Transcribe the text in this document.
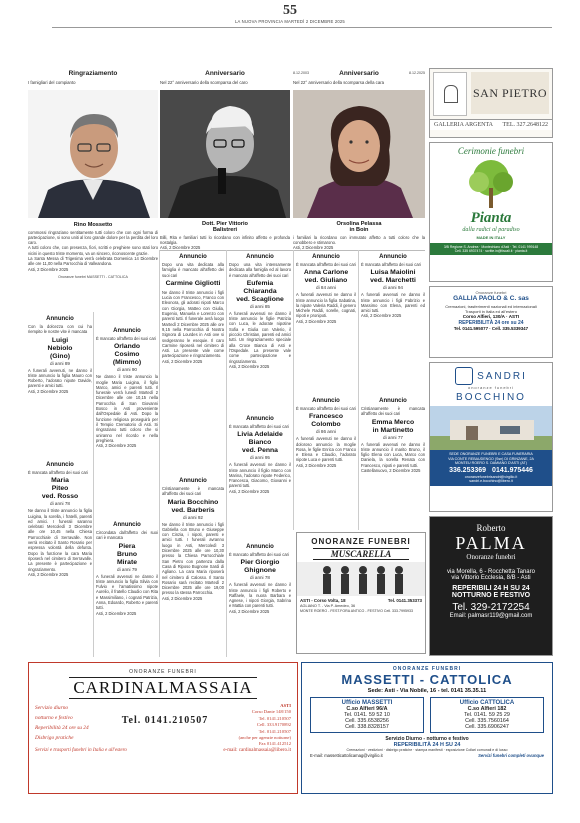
55
LA NUOVA PROVINCIA MARTEDÌ 2 DICEMBRE 2025
Ringraziamento
I famigliari del compianto
Rino Mossetto
commossi ringraziano sentitamente tutti coloro che con ogni forma di partecipazione, si sono uniti al loro grande dolore per la perdita del loro caro.
A tutti coloro che, con presenza, fiori, scritti e preghiere sono stati loro vicini in questo triste momento, va un sincero, riconoscente grazie.
La Santa Messa di Trigesima verrà celebrata Domenica 14 Dicembre alle ore 11,00 nella Parrocchia di Valleandona.
Asti, 2 Dicembre 2025
Onoranze funebri MASSETTI - CATTOLICA
Anniversario
Nel 22° anniversario della scomparsa del caro
Dott. Pier Vittorio
Balistreri
Billi, Rita e familiari tutti lo ricordano con infinito affetto e profonda nostalgia.
Asti, 2 Dicembre 2025
8.12.2003	Anniversario	8.12.2025
Nel 22° anniversario della scomparsa della cara
Orsolina Pelassa
in Boin
i familiari la ricordano con immutato affetto a tutti coloro che la conobbero e stimarono.
Asti, 2 Dicembre 2025
Annuncio
Con la dolcezza con cui ha riempito le nostre vite è mancata
Luigi
Nebiolo
(Gino)
di anni 89
A funerali avvenuti, ne danno il triste annuncio la figlia Mauro con Roberto, l'adorato nipote Davide, parenti e amici tutti.
Asti, 2 Dicembre 2025
Annuncio
È mancata all'affetto dei suoi cari
Maria
Piteo
ved. Rosso
di anni 78
Ne danno il triste annuncio la figlia Luigina, la sorella, i fratelli, parenti ed amici. I funerali saranno celebrati Mercoledì 3 Dicembre alle ore 10,45 nella Chiesa Parrocchiale di Serravalle. Non verrà recitato il Santo Rosario per espressa volontà della defunta. Dopo la funzione la cara Maria riposerà nel cimitero di Serravalle. La presente è partecipazione e ringraziamento.
Asti, 2 Dicembre 2025
Annuncio
È mancato all'affetto dei suoi cari
Orlando
Cosimo
(Mimmo)
di anni 90
Ne danno il triste annuncio la moglie Maria Luigina, il figlio Marco, amici e parenti tutti. Il funerale verrà lunedì Martedì 2 Dicembre alle ore 10,15 nella Parrocchia di San Giovanni Bosco in Asti proveniente dall'Ospedale di Asti. Dopo la funzione religiosa proseguirà per il Tempio Crematorio di Asti. Si ringraziano tutti coloro che si uniranno nel ricordo e nella preghiera.
Asti, 2 Dicembre 2025
Annuncio
Circondata dall'affetto dei suoi cari è mancata
Piera
Bruno
Mirate
di anni 79
A funerali avvenuti ne danno il triste annuncio la figlia Silvia con Fulvio e l'amatissimo nipote Aurelio, il fratello Claudio con Rita e Massimiliano, i cognati Patrizia, Anna, Edoardo, Roberto e parenti tutti.
Asti, 2 Dicembre 2025
Annuncio
Dopo una vita dedicata alla famiglia è mancato all'affetto dei suoi cari
Carmine Gigliotti
Ne danno il triste annuncio i figli Lucia con Francesco, Franco con Eleonora, gli adorati nipoti Marco con Giorgia, Matteo con Giulia, Eugenio, Manuela e Lorenzo con parenti tutti. Il funerale avrà luogo Martedì 2 Dicembre 2025 alle ore 9,15 nella Parrocchia di Nostra Signora di Lourdes in Asti ove si svolgeranno le esequie. Il caro Carmine riposerà nel cimitero di Asti. La presente vale come partecipazione e ringraziamento.
Asti, 2 Dicembre 2025
Annuncio
Cristianamente è mancata all'affetto dei suoi cari
Maria Bocchino
ved. Barberis
di anni 92
Ne danno il triste annuncio i figli Gabriella con Bruno e Giuseppe con Cinzia, i nipoti, parenti e amici tutti. I funerali avranno luogo in Asti, Mercoledì 3 Dicembre 2025 alle ore 10,30 presso la Chiesa Parrocchiale San Pietro con partenza dalla Casa di Riposo Bugnone Sardi di Agliano. La cara Maria riposerà nel cimitero di Calosso. Il Santo Rosario sarà recitato Martedì 2 Dicembre 2025 alle ore 19,00 presso la stessa Parrocchia.
Asti, 2 Dicembre 2025
Annuncio
Dopo una vita intensamente dedicata alla famiglia ed al lavoro è mancato all'affetto dei suoi cari
Eufemia
Chiaranda
ved. Scaglione
di anni 85
A funerali avvenuti ne danno il triste annuncio le figlie Patrizia con Luca, le adorate nipotine Sofia e Giulia con Valerio, il piccolo Christian, parenti ed amici tutti. Un ringraziamento speciale alla Croce Bianca di Asti e l'Ospedale. La presente vale come partecipazione e ringraziamento.
Asti, 2 Dicembre 2025
Annuncio
È mancata all'affetto dei suoi cari
Livia Adelaide
Bianco
ved. Penna
di anni 95
A funerali avvenuti ne danno il triste annuncio il figlio Marco con Marina, l'adorato nipote Federico, Francesca, Giacomo, Giovanni e parenti tutti.
Asti, 2 Dicembre 2025
Annuncio
È mancato all'affetto dei suoi cari
Pier Giorgio
Ghignone
di anni 78
A funerali avvenuti ne danno il triste annuncio i figli Roberto e Raffaele, la nuora Barbara e Agnese, i nipoti Giorgia, Sabrina e Mattia con parenti tutti.
Asti, 2 Dicembre 2025
Annuncio
È mancata all'affetto dei suoi cari
Anna Carlone
ved. Giuliano
di 84 anni
A funerali avvenuti ne danno il triste annuncio la figlia Sabatina, la nipote Valeria Raddi, il genero Michele Raddi, sorelle, cognati, nipoti e pronipoti.
Asti, 2 Dicembre 2025
Annuncio
È mancato all'affetto dei suoi cari
Francesco
Colombo
di 86 anni
A funerali avvenuti ne danno il doloroso annuncio la moglie Rosa, le figlie Enrica con Franco e Elena e Claudio, l'adorato nipote Luca e parenti tutti.
Asti, 2 Dicembre 2025
Annuncio
È mancata all'affetto dei suoi cari
Luisa Maiolini
ved. Marchetti
di anni 94
A funerali avvenuti ne danno il triste annuncio i figli Fabrizio e Massimo con Elena, parenti ed amici tutti.
Asti, 2 Dicembre 2025
Annuncio
Cristianamente è mancata all'affetto dei suoi cari
Emma Merco
in Martinetto
di anni 77
A funerali avvenuti ne danno il triste annuncio il marito Bruno, il figlio Elena con Luca, Marco con Daniela, la sorella Renata con Francesco, nipoti e parenti tutti.
Castellanuovo, 2 Dicembre 2025
SAN PIETRO
GALLERIA ARGENTA TEL. 327.2648122
Cerimonie funebri
Pianta
dalla radici al paradiso
MADE IN ITALY
3/B Regione S. Andrea · Montechiaro d'Asti · Tel. 0141 999148
Cell. 335 6937474 · scritte.in@tiscali.it · pianta.it
Onoranze funebri
GALLIA PAOLO & C. sas
Cremazioni, trasferimenti nazionali ed internazionali
Trasporti in Italia ed all'estero
Corso Alfieri, 130/A · ASTI
REPERIBILITÀ 24 ore su 24
Tel. 0141.595077 · Cell. 335.5339347
SANDRI
onoranze funebri
BOCCHINO
SEDE ONORANZE FUNEBRI E CASA FUNERARIA
VIA CONTE REBAUDENGO (Ssn) DI GRINZANE, 2A
MONTEU ROERO S. DAMIANO D'ASTI (AT)
336.253369 0141.975446
onoranzefunebrisandri@virgilio.it
sandri.e.bocchino@libero.it
ONORANZE FUNEBRI
MUSCARELLA
ASTI - Corso Volta, 18	Tel. 0141.353373
AGLIANO T. - Via P. Amedeo, 36
MONTE ROERO - FEST.FORA ANTICO - FESTIVO Cell. 333.7995933
Roberto
PALMA
Onoranze funebri
via Morella, 6 - Rocchetta Tanaro
via Vittorio Ecclesia, 8/B - Asti
REPERIBILI 24 H SU 24
NOTTURNO E FESTIVO
Tel. 329-2172254
Email: palmasr119@gmail.com
ONORANZE FUNEBRI
CARDINALMASSAIA
Servizio diurno
notturno e festivo
Reperibilità 24 ore su 24
Disbrigo pratiche
Tel. 0141.210507
ASTI
Corso Dante 148/150
Tel. 0141.210507
Cell. 333.9170892
Tel. 0141.210507
(anche per agenzie notturne)
Fax 0141.412512
Servizi e trasporti funebri in Italia e all'estero	e-mail: cardinalmassaia@libero.it
ONORANZE FUNEBRI
MASSETTI - CATTOLICA
Sede: Asti - Via Nobile, 16 - tel. 0141 35.35.11
Ufficio MASSETTI
C.so Alfieri 96/A
Tel. 0141. 59 52 10
Cell. 335.6538256
Cell. 338.8328157
Ufficio CATTOLICA
C.so Alfieri 182
Tel. 0141. 59 25 29
Cell. 335.7560164
Cell. 335.6906247
Servizio Diurno - notturno e festivo
REPERIBILITÀ 24 H SU 24
Cremazioni · vestizioni · disbrigo pratiche · stampa manifesti · esposizione Collari comunali e di lusso
E-mail: massetticattolicamag@virgilio.it	Servizi funebri completi ovunque
